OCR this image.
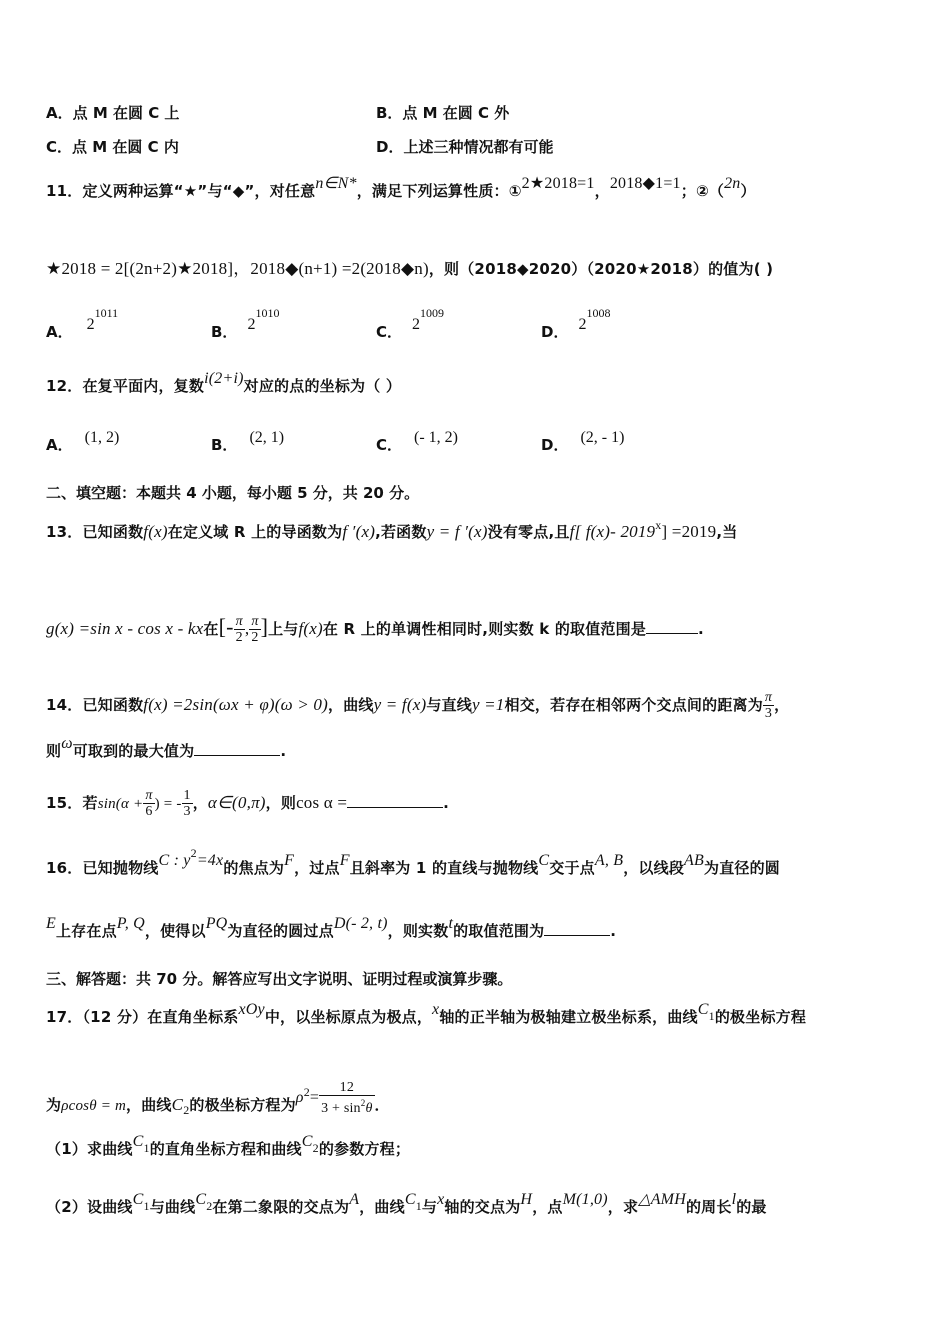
A．点 M 在圆 C 上	B．点 M 在圆 C 外
C．点 M 在圆 C 内	D．上述三种情况都有可能
11．定义两种运算“★”与“◆”，对任意n∈N*，满足下列运算性质：①2★2018=1，2018◆1=1；②（2n）
★2018 = 2[(2n+2)★2018]，2018◆(n+1) =2(2018◆n)，则（2018◆2020）（2020★2018）的值为( )
A． $2^{1011}$
B． $2^{1010}$
C． $2^{1009}$
D． $2^{1008}$
12．在复平面内，复数i(2+i)对应的点的坐标为（ ）
A． (1, 2)	B． (2, 1)	C． (- 1, 2)	D． (2, - 1)
二、填空题：本题共 4 小题，每小题 5 分，共 20 分。
13．已知函数f(x)在定义域 R 上的导函数为f ′(x),若函数y = f ′(x)没有零点,且f[ f(x)- $2019^x] =2019$,当
g(x) =sin x - cos x - kx在[- $\frac{\pi}{2}$ , $\frac{\pi}{2}$ ]上与f(x)在 R 上的单调性相同时,则实数 k 的取值范围是	.
14．已知函数f(x) =2sin(ωx + φ)(ω > 0)，曲线y = f(x)与直线y =1相交，若存在相邻两个交点间的距离为 $\frac{\pi}{3}$ ，
则ω可取到的最大值为	.
15．若$\sin(\alpha + \frac{\pi}{6}$ ) = - $\frac{1}{3}$ ，α∈(0,π)，则cos α =	.
16．已知抛物线C : $y^2=4x$的焦点为F，过点F且斜率为 1 的直线与抛物线C交于点A, B，以线段AB为直径的圆
E上存在点P, Q，使得以PQ为直径的圆过点D(- 2, t)，则实数t的取值范围为	.
三、解答题：共 70 分。解答应写出文字说明、证明过程或演算步骤。
17．（12 分）在直角坐标系xOy中，以坐标原点为极点，x轴的正半轴为极轴建立极坐标系，曲线C1的极坐标方程
为ρcosθ = m，曲线$C_2$的极坐标方程为$\rho^2= \frac{12}{3 + \sin^2\theta}$ ．
（1）求曲线C1的直角坐标方程和曲线C2的参数方程；
（2）设曲线C1与曲线C2在第二象限的交点为A，曲线C1与x轴的交点为H，点M(1,0)，求△AMH的周长l的最
